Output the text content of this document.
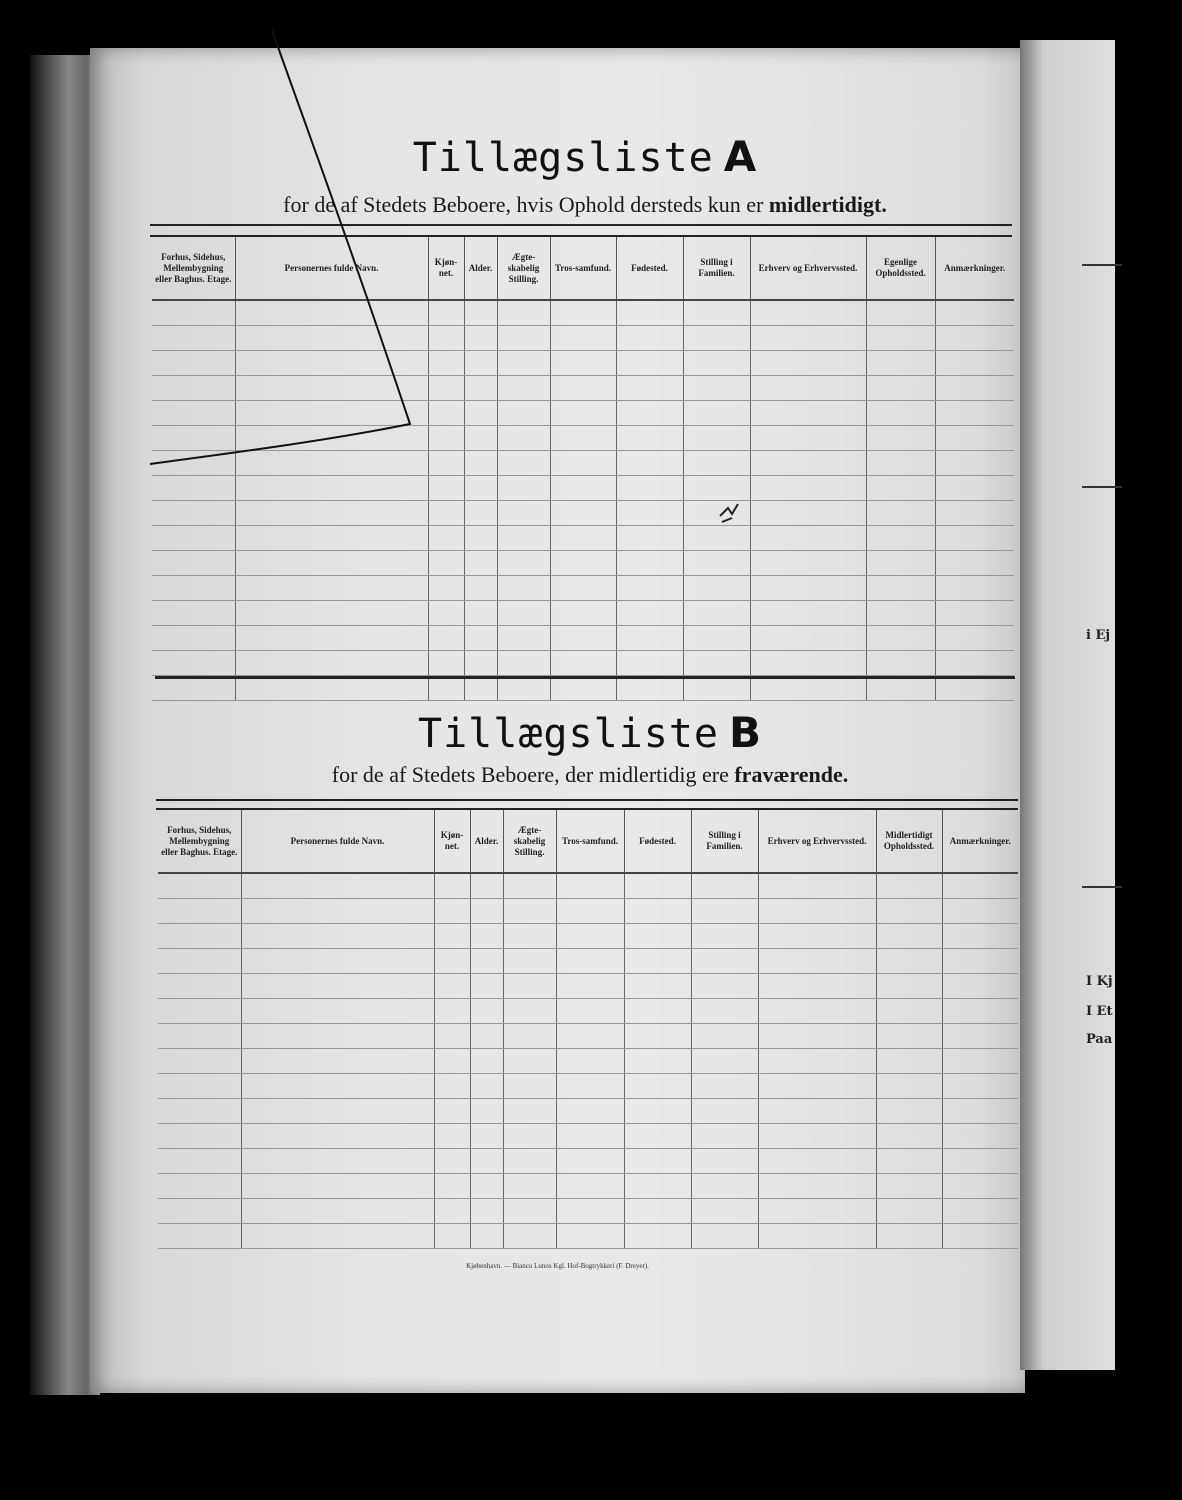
i Ej
I Kj
I Et
Paa
Tillægsliste A
for de af Stedets Beboere, hvis Ophold dersteds kun er midlertidigt.
Forhus, Sidehus, Mellembygning eller Baghus. Etage.	Personernes fulde Navn.	Kjøn-net.	Alder.	Ægte-skabelig Stilling.	Tros-samfund.	Fødested.	Stilling i Familien.	Erhverv og Erhvervssted.	Egenlige Opholdssted.	Anmærkninger.

Tillægsliste B
for de af Stedets Beboere, der midlertidig ere fraværende.
Forhus, Sidehus, Mellembygning eller Baghus. Etage.	Personernes fulde Navn.	Kjøn-net.	Alder.	Ægte-skabelig Stilling.	Tros-samfund.	Fødested.	Stilling i Familien.	Erhverv og Erhvervssted.	Midlertidigt Opholdssted.	Anmærkninger.

Kjøbenhavn. — Bianco Lunos Kgl. Hof-Bogtrykkeri (F. Dreyer).
